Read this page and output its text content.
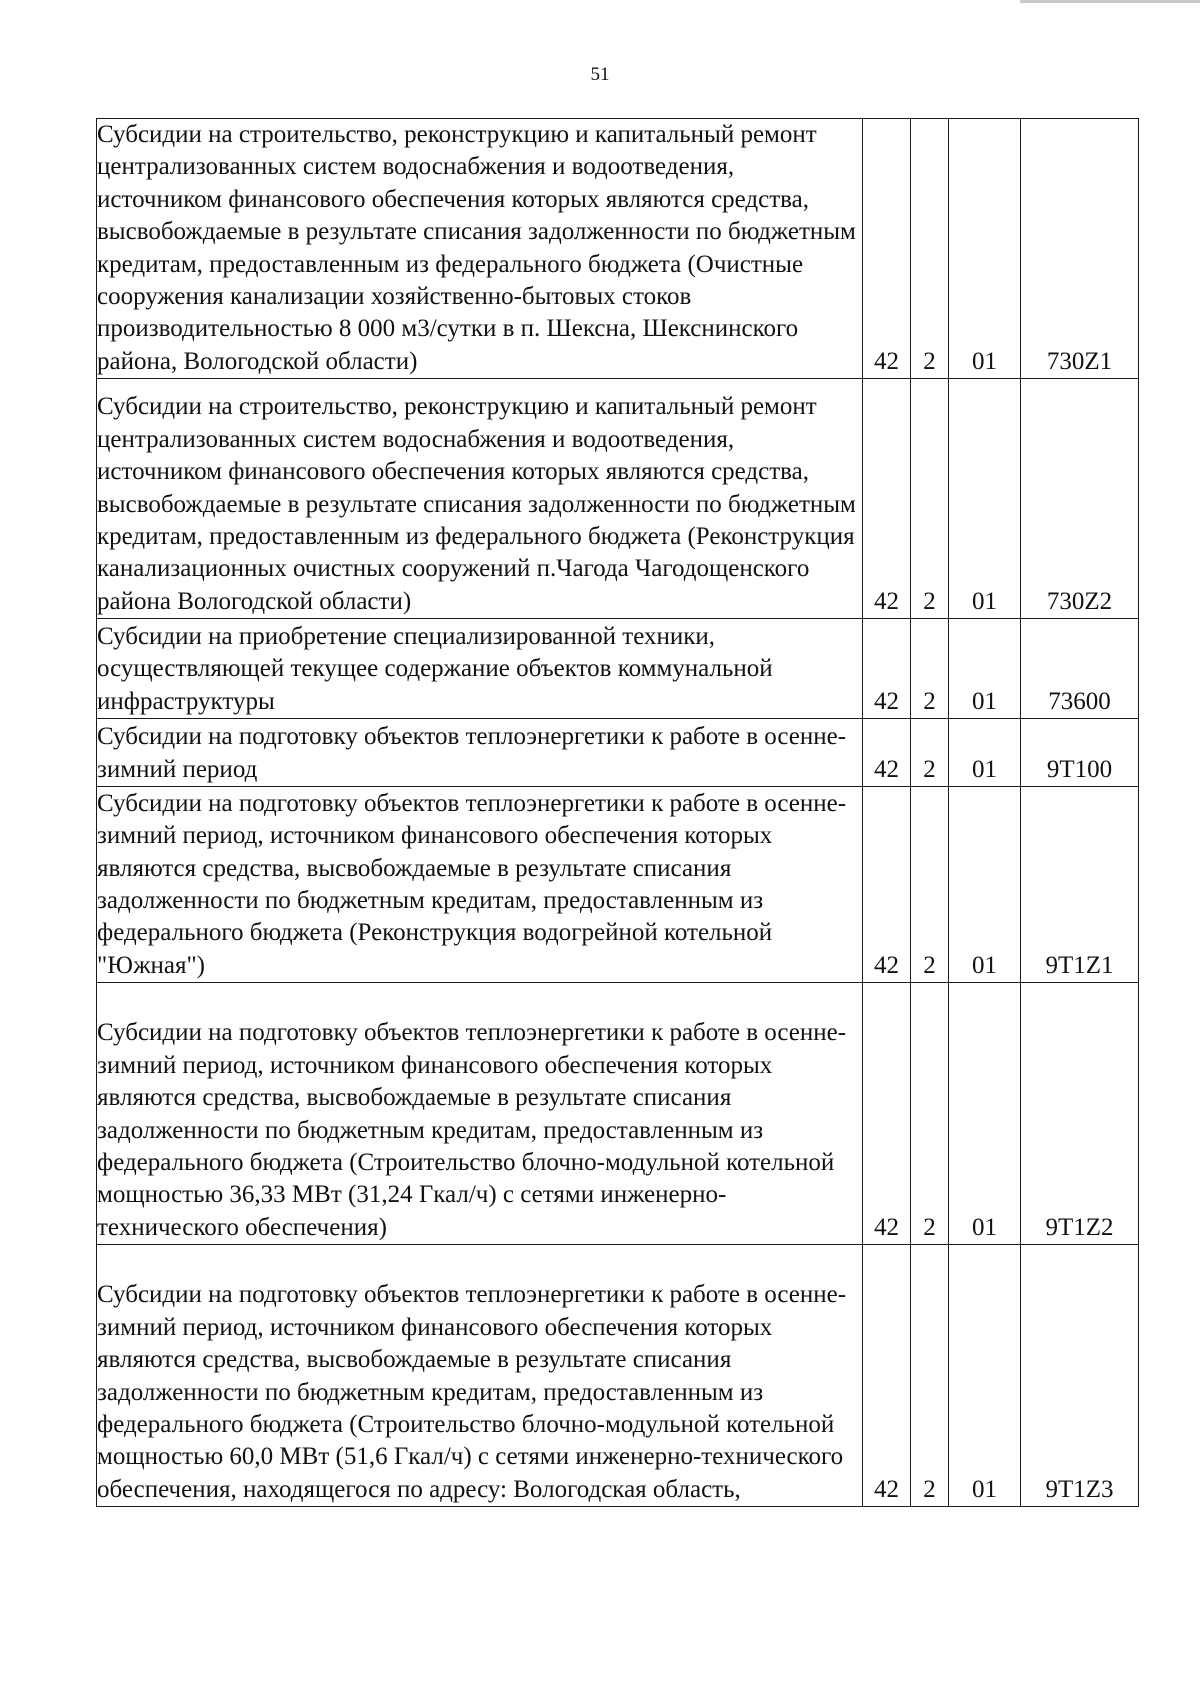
51
Субсидии на строительство, реконструкцию и капитальный ремонт централизованных систем водоснабжения и водоотведения, источником финансового обеспечения которых являются средства, высвобождаемые в результате списания задолженности по бюджетным кредитам, предоставленным из федерального бюджета (Очистные сооружения канализации хозяйственно-бытовых стоков производительностью 8 000 м3/сутки в п. Шексна, Шекснинского района, Вологодской области)	42	2	01	730Z1
Субсидии на строительство, реконструкцию и капитальный ремонт централизованных систем водоснабжения и водоотведения, источником финансового обеспечения которых являются средства, высвобождаемые в результате списания задолженности по бюджетным кредитам, предоставленным из федерального бюджета (Реконструкция канализационных очистных сооружений п.Чагода Чагодощенского района Вологодской области)	42	2	01	730Z2
Субсидии на приобретение специализированной техники, осуществляющей текущее содержание объектов коммунальной инфраструктуры	42	2	01	73600
Субсидии на подготовку объектов теплоэнергетики к работе в осенне-зимний период	42	2	01	9T100
Субсидии на подготовку объектов теплоэнергетики к работе в осенне-зимний период, источником финансового обеспечения которых являются средства, высвобождаемые в результате списания задолженности по бюджетным кредитам, предоставленным из федерального бюджета (Реконструкция водогрейной котельной "Южная")	42	2	01	9T1Z1
Субсидии на подготовку объектов теплоэнергетики к работе в осенне-зимний период, источником финансового обеспечения которых являются средства, высвобождаемые в результате списания задолженности по бюджетным кредитам, предоставленным из федерального бюджета (Строительство блочно-модульной котельной мощностью 36,33 МВт (31,24 Гкал/ч) с сетями инженерно-технического обеспечения)	42	2	01	9T1Z2
Субсидии на подготовку объектов теплоэнергетики к работе в осенне-зимний период, источником финансового обеспечения которых являются средства, высвобождаемые в результате списания задолженности по бюджетным кредитам, предоставленным из федерального бюджета (Строительство блочно-модульной котельной мощностью 60,0 МВт (51,6 Гкал/ч) с сетями инженерно-технического обеспечения, находящегося по адресу: Вологодская область,	42	2	01	9T1Z3
